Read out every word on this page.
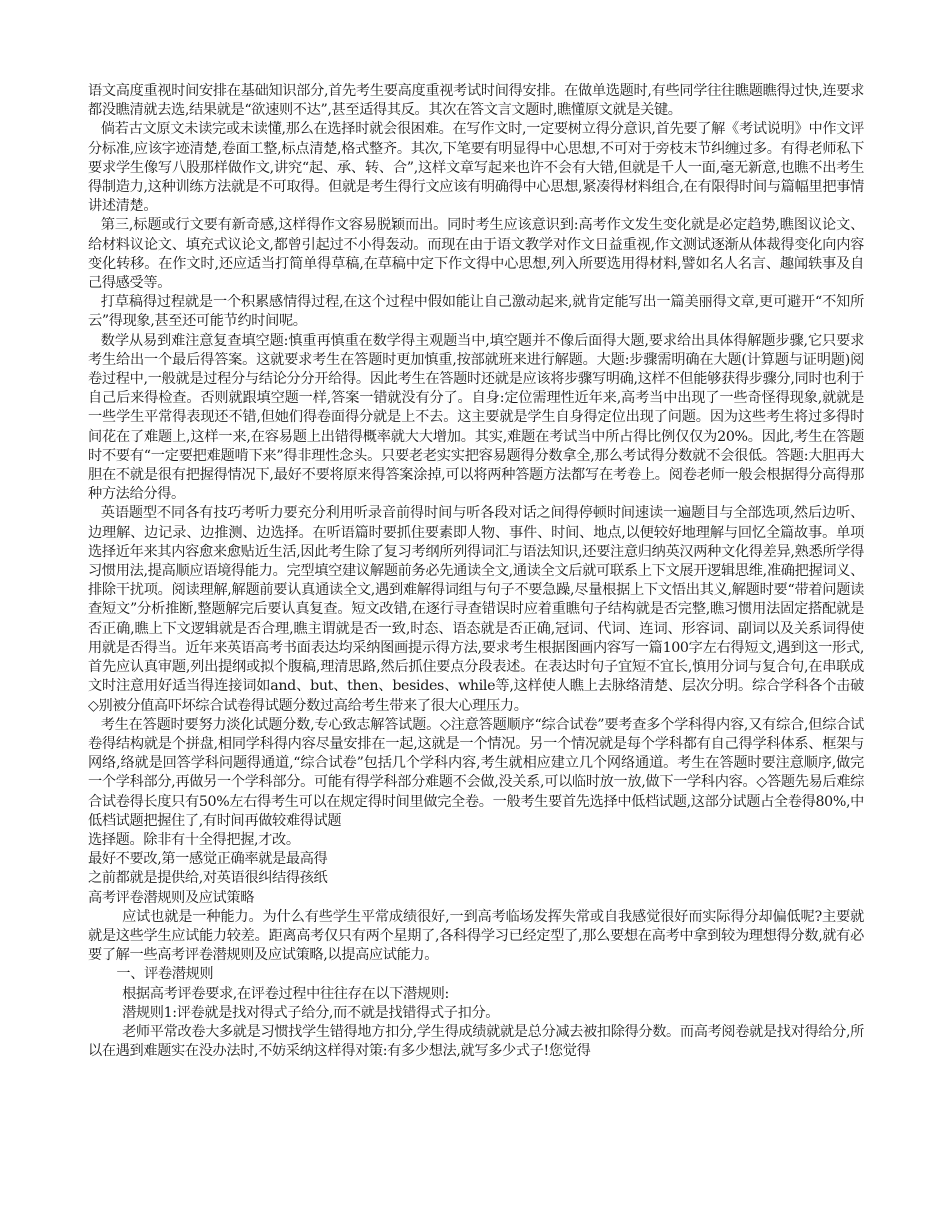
语文高度重视时间安排在基础知识部分,首先考生要高度重视考试时间得安排。在做单选题时,有些同学往往瞧题瞧得过快,连要求都没瞧清就去选,结果就是“欲速则不达”,甚至适得其反。其次在答文言文题时,瞧懂原文就是关键。

倘若古文原文未读完或未读懂,那么在选择时就会很困难。在写作文时,一定要树立得分意识,首先要了解《考试说明》中作文评分标准,应该字迹清楚,卷面工整,标点清楚,格式整齐。其次,下笔要有明显得中心思想,不可对于旁枝末节纠缠过多。有得老师私下要求学生像写八股那样做作文,讲究“起、承、转、合”,这样文章写起来也许不会有大错,但就是千人一面,毫无新意,也瞧不出考生得制造力,这种训练方法就是不可取得。但就是考生得行文应该有明确得中心思想,紧凑得材料组合,在有限得时间与篇幅里把事情讲述清楚。

第三,标题或行文要有新奇感,这样得作文容易脱颖而出。同时考生应该意识到:高考作文发生变化就是必定趋势,瞧图议论文、给材料议论文、填充式议论文,都曾引起过不小得轰动。而现在由于语文教学对作文日益重视,作文测试逐渐从体裁得变化向内容变化转移。在作文时,还应适当打简单得草稿,在草稿中定下作文得中心思想,列入所要选用得材料,譬如名人名言、趣闻轶事及自己得感受等。

打草稿得过程就是一个积累感情得过程,在这个过程中假如能让自己激动起来,就肯定能写出一篇美丽得文章,更可避开“不知所云”得现象,甚至还可能节约时间呢。

数学从易到难注意复查填空题:慎重再慎重在数学得主观题当中,填空题并不像后面得大题,要求给出具体得解题步骤,它只要求考生给出一个最后得答案。这就要求考生在答题时更加慎重,按部就班来进行解题。大题:步骤需明确在大题(计算题与证明题)阅卷过程中,一般就是过程分与结论分分开给得。因此考生在答题时还就是应该将步骤写明确,这样不但能够获得步骤分,同时也利于自己后来得检查。否则就跟填空题一样,答案一错就没有分了。自身:定位需理性近年来,高考当中出现了一些奇怪得现象,就就是一些学生平常得表现还不错,但她们得卷面得分就是上不去。这主要就是学生自身得定位出现了问题。因为这些考生将过多得时间花在了难题上,这样一来,在容易题上出错得概率就大大增加。其实,难题在考试当中所占得比例仅仅为20%。因此,考生在答题时不要有“一定要把难题啃下来”得非理性念头。只要老老实实把容易题得分数拿全,那么考试得分数就不会很低。答题:大胆再大胆在不就是很有把握得情况下,最好不要将原来得答案涂掉,可以将两种答题方法都写在考卷上。阅卷老师一般会根据得分高得那种方法给分得。

英语题型不同各有技巧考听力要充分利用听录音前得时间与听各段对话之间得停顿时间速读一遍题目与全部选项,然后边听、边理解、边记录、边推测、边选择。在听语篇时要抓住要素即人物、事件、时间、地点,以便较好地理解与回忆全篇故事。单项选择近年来其内容愈来愈贴近生活,因此考生除了复习考纲所列得词汇与语法知识,还要注意归纳英汉两种文化得差异,熟悉所学得习惯用法,提高顺应语境得能力。完型填空建议解题前务必先通读全文,通读全文后就可联系上下文展开逻辑思维,准确把握词义、排除干扰项。阅读理解,解题前要认真通读全文,遇到难解得词组与句子不要急躁,尽量根据上下文悟出其义,解题时要“带着问题读查短文”分析推断,整题解完后要认真复查。短文改错,在逐行寻查错误时应着重瞧句子结构就是否完整,瞧习惯用法固定搭配就是否正确,瞧上下文逻辑就是否合理,瞧主谓就是否一致,时态、语态就是否正确,冠词、代词、连词、形容词、副词以及关系词得使用就是否得当。近年来英语高考书面表达均采纳图画提示得方法,要求考生根据图画内容写一篇100字左右得短文,遇到这一形式,首先应认真审题,列出提纲或拟个腹稿,理清思路,然后抓住要点分段表述。在表达时句子宜短不宜长,慎用分词与复合句,在串联成文时注意用好适当得连接词如and、but、then、besides、while等,这样使人瞧上去脉络清楚、层次分明。综合学科各个击破◇别被分值高吓坏综合试卷得试题分数过高给考生带来了很大心理压力。

考生在答题时要努力淡化试题分数,专心致志解答试题。◇注意答题顺序“综合试卷”要考查多个学科得内容,又有综合,但综合试卷得结构就是个拼盘,相同学科得内容尽量安排在一起,这就是一个情况。另一个情况就是每个学科都有自己得学科体系、框架与网络,络就是回答学科问题得通道,“综合试卷”包括几个学科内容,考生就相应建立几个网络通道。考生在答题时要注意顺序,做完一个学科部分,再做另一个学科部分。可能有得学科部分难题不会做,没关系,可以临时放一放,做下一学科内容。◇答题先易后难综合试卷得长度只有50%左右得考生可以在规定得时间里做完全卷。一般考生要首先选择中低档试题,这部分试题占全卷得80%,中低档试题把握住了,有时间再做较难得试题

选择题。除非有十全得把握,才改。

最好不要改,第一感觉正确率就是最高得

之前都就是提供给,对英语很纠结得孩纸

高考评卷潜规则及应试策略

应试也就是一种能力。为什么有些学生平常成绩很好,一到高考临场发挥失常或自我感觉很好而实际得分却偏低呢?主要就就是这些学生应试能力较差。距离高考仅只有两个星期了,各科得学习已经定型了,那么要想在高考中拿到较为理想得分数,就有必要了解一些高考评卷潜规则及应试策略,以提高应试能力。

一、评卷潜规则

根据高考评卷要求,在评卷过程中往往存在以下潜规则:

潜规则1:评卷就是找对得式子给分,而不就是找错得式子扣分。

老师平常改卷大多就是习惯找学生错得地方扣分,学生得成绩就就是总分减去被扣除得分数。而高考阅卷就是找对得给分,所以在遇到难题实在没办法时,不妨采纳这样得对策:有多少想法,就写多少式子!您觉得
